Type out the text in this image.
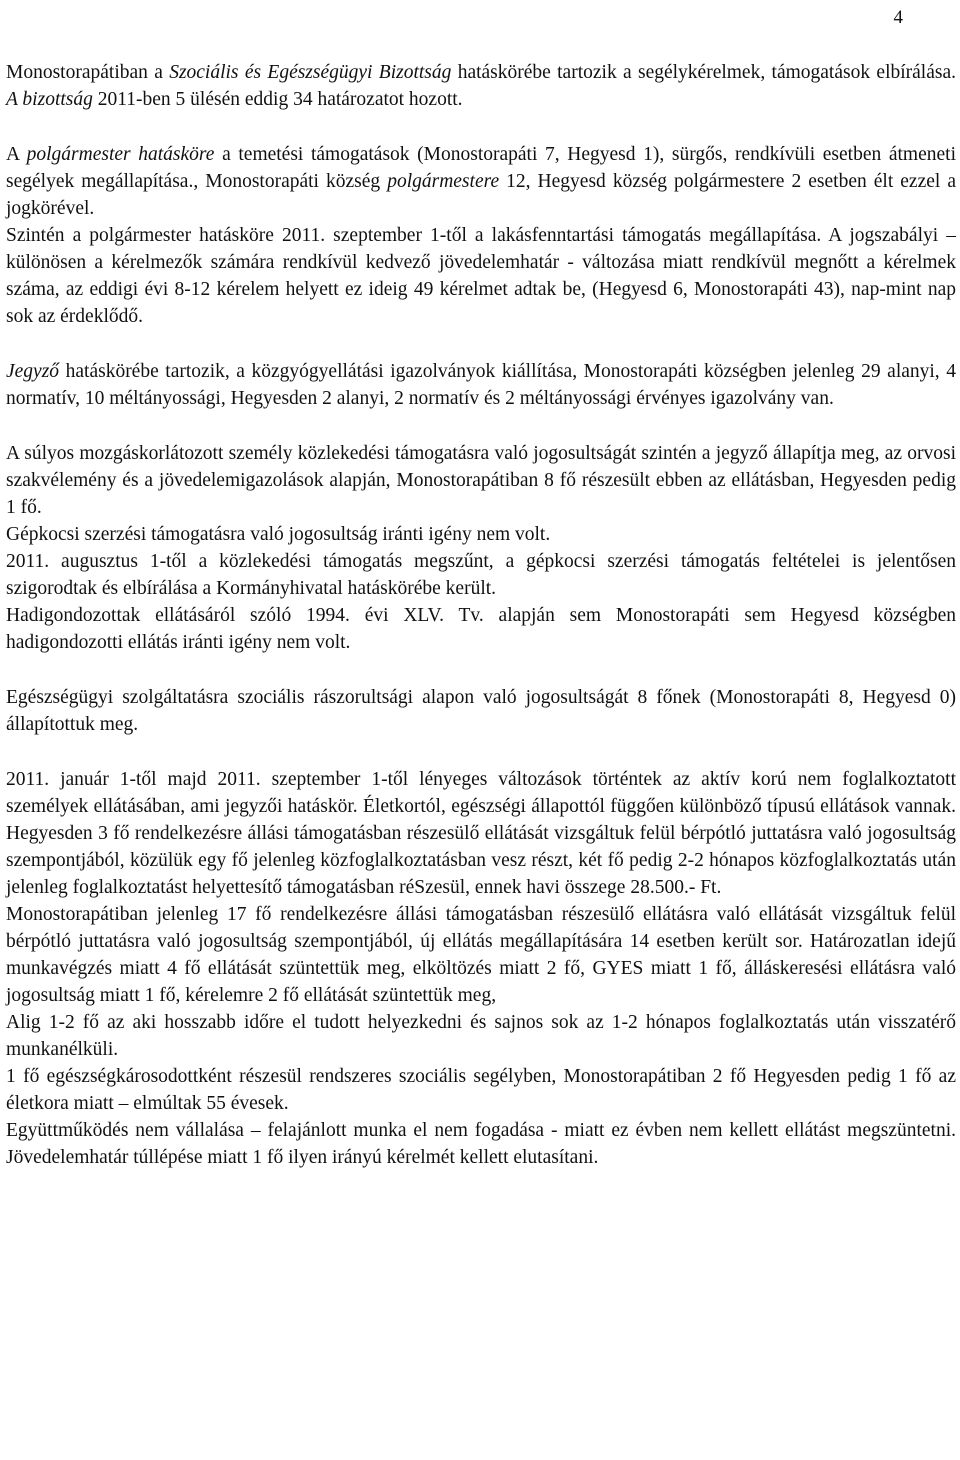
4

Monostorapátiban a Szociális és Egészségügyi Bizottság hatáskörébe tartozik a segélykérelmek, támogatások elbírálása. A bizottság 2011-ben 5 ülésén eddig 34 határozatot hozott.

A polgármester hatásköre a temetési támogatások (Monostorapáti 7, Hegyesd 1), sürgős, rendkívüli esetben átmeneti segélyek megállapítása., Monostorapáti község polgármestere 12, Hegyesd község polgármestere 2 esetben élt ezzel a jogkörével.

Szintén a polgármester hatásköre 2011. szeptember 1-től a lakásfenntartási támogatás megállapítása. A jogszabályi – különösen a kérelmezők számára rendkívül kedvező jövedelemhatár - változása miatt rendkívül megnőtt a kérelmek száma, az eddigi évi 8-12 kérelem helyett ez ideig 49 kérelmet adtak be, (Hegyesd 6, Monostorapáti 43), nap-mint nap sok az érdeklődő.

Jegyző hatáskörébe tartozik, a közgyógyellátási igazolványok kiállítása, Monostorapáti községben jelenleg 29 alanyi, 4 normatív, 10 méltányossági, Hegyesden 2 alanyi, 2 normatív és 2 méltányossági érvényes igazolvány van.

A súlyos mozgáskorlátozott személy közlekedési támogatásra való jogosultságát szintén a jegyző állapítja meg, az orvosi szakvélemény és a jövedelemigazolások alapján, Monostorapátiban 8 fő részesült ebben az ellátásban, Hegyesden pedig 1 fő.

Gépkocsi szerzési támogatásra való jogosultság iránti igény nem volt.

2011. augusztus 1-től a közlekedési támogatás megszűnt, a gépkocsi szerzési támogatás feltételei is jelentősen szigorodtak és elbírálása a Kormányhivatal hatáskörébe került.

Hadigondozottak ellátásáról szóló 1994. évi XLV. Tv. alapján sem Monostorapáti sem Hegyesd községben hadigondozotti ellátás iránti igény nem volt.

Egészségügyi szolgáltatásra szociális rászorultsági alapon való jogosultságát 8 főnek (Monostorapáti 8, Hegyesd 0) állapítottuk meg.

2011. január 1-től majd 2011. szeptember 1-től lényeges változások történtek az aktív korú nem foglalkoztatott személyek ellátásában, ami jegyzői hatáskör. Életkortól, egészségi állapottól függően különböző típusú ellátások vannak. Hegyesden 3 fő rendelkezésre állási támogatásban részesülő ellátását vizsgáltuk felül bérpótló juttatásra való jogosultság szempontjából, közülük egy fő jelenleg közfoglalkoztatásban vesz részt, két fő pedig 2-2 hónapos közfoglalkoztatás után jelenleg foglalkoztatást helyettesítő támogatásban réSzesül, ennek havi összege 28.500.- Ft.

Monostorapátiban jelenleg 17 fő rendelkezésre állási támogatásban részesülő ellátásra való ellátását vizsgáltuk felül bérpótló juttatásra való jogosultság szempontjából, új ellátás megállapítására 14 esetben került sor. Határozatlan idejű munkavégzés miatt 4 fő ellátását szüntettük meg, elköltözés miatt 2 fő, GYES miatt 1 fő, álláskeresési ellátásra való jogosultság miatt 1 fő, kérelemre 2 fő ellátását szüntettük meg,

Alig 1-2 fő az aki hosszabb időre el tudott helyezkedni és sajnos sok az 1-2 hónapos foglalkoztatás után visszatérő munkanélküli.

1 fő egészségkárosodottként részesül rendszeres szociális segélyben, Monostorapátiban 2 fő Hegyesden pedig 1 fő az életkora miatt – elmúltak 55 évesek.

Együttműködés nem vállalása – felajánlott munka el nem fogadása - miatt ez évben nem kellett ellátást megszüntetni. Jövedelemhatár túllépése miatt 1 fő ilyen irányú kérelmét kellett elutasítani.
